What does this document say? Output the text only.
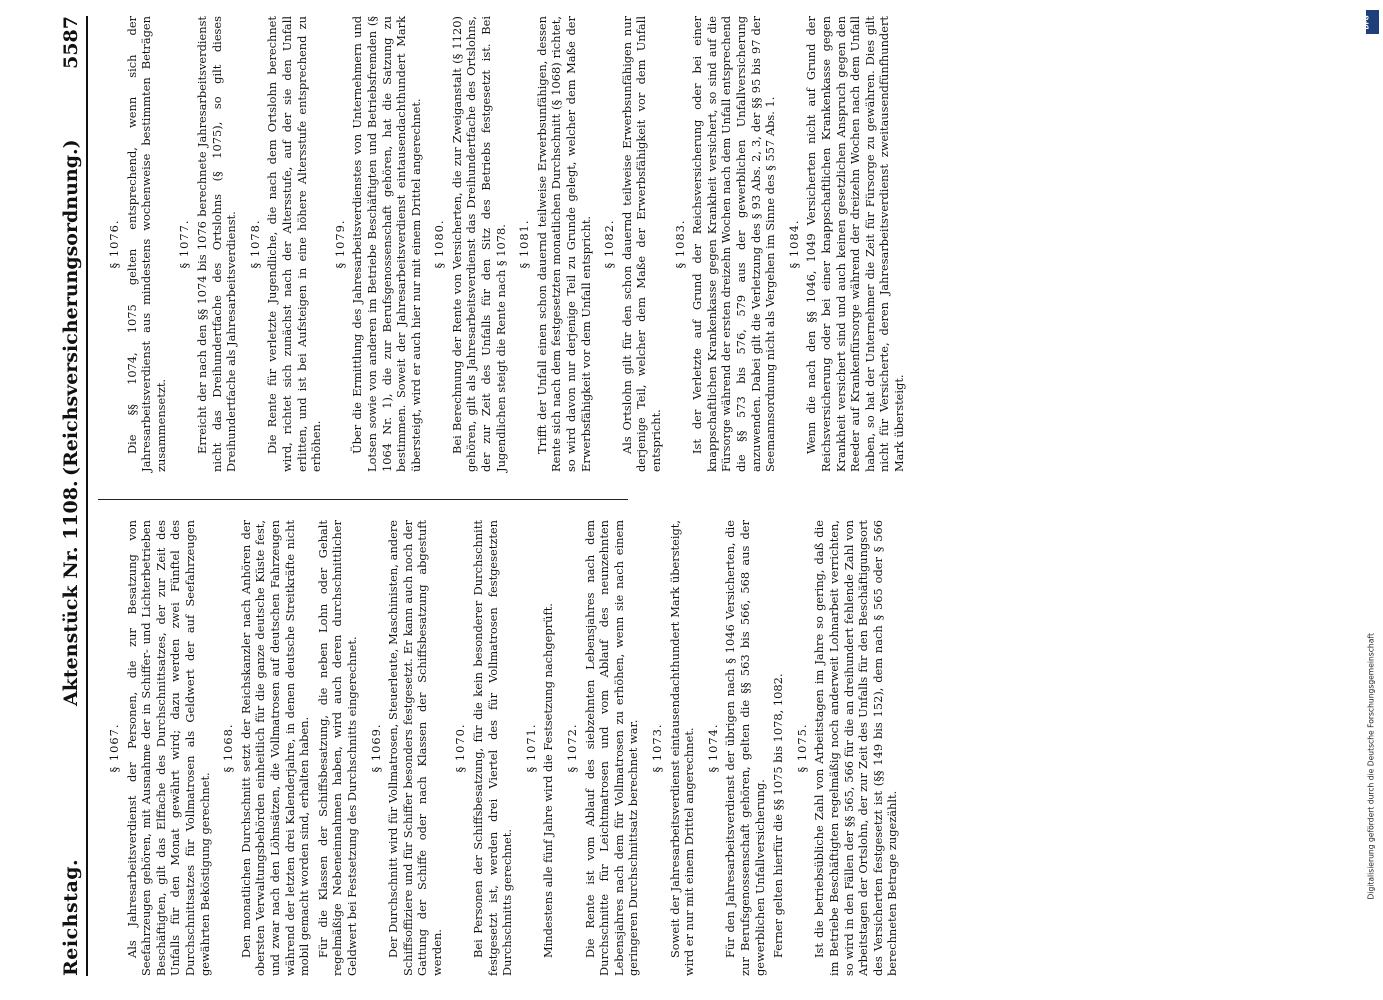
Reichstag.
Aktenstück Nr. 1108.
(Reichsversicherungsordnung.)
5587
§ 1067. Als Jahresarbeitsverdienst der Personen, die zur Besatzung von Seefahrzeugen gehören, mit Ausnahme der in Schiffer- und Lichterbetrieben Beschäftigten, gilt das Elffache des Durchschnittsatzes, der zur Zeit des Unfalls für den Monat gewährt wird; dazu werden zwei Fünftel des Durchschnittsatzes für Vollmatrosen als Geldwert der auf Seefahrzeugen gewährten Beköstigung gerechnet.
§ 1068. Den monatlichen Durchschnitt setzt der Reichskanzler nach Anhören der obersten Verwaltungsbehörden einheitlich für die ganze deutsche Küste fest, und zwar nach den Löhnsätzen, die Vollmatrosen auf deutschen Fahrzeugen während der letzten drei Kalenderjahre, in denen deutsche Streitkräfte nicht mobil gemacht worden sind, erhalten haben. Für die Klassen der Schiffsbesatzung, die neben Lohn oder Gehalt regelmäßige Nebeneinnahmen haben, wird auch deren durchschnittlicher Geldwert bei Festsetzung des Durchschnitts eingerechnet. § 1069. Der Durchschnitt wird für Vollmatrosen, Steuerleute, Maschinisten, andere Schiffsoffiziere und für Schiffer besonders festgesetzt. Er kann auch noch der Gattung der Schiffe oder nach Klassen der Schiffsbesatzung abgestuft werden.
§ 1070. Bei Personen der Schiffsbesatzung, für die kein besonderer Durchschnitt festgesetzt ist, werden drei Viertel des für Vollmatrosen festgesetzten Durchschnitts gerechnet.
§ 1071. Mindestens alle fünf Jahre wird die Festsetzung nachgeprüft. § 1072. Die Rente ist vom Ablauf des siebzehnten Lebensjahres nach dem Durchschnitte für Leichtmatrosen und vom Ablauf des neunzehnten Lebensjahres nach dem für Vollmatrosen zu erhöhen, wenn sie nach einem geringeren Durchschnittsatz berechnet war. § 1073. Soweit der Jahresarbeitsverdienst eintausendachthundert Mark übersteigt, wird er nur mit einem Drittel angerechnet. § 1074. Für den Jahresarbeitsverdienst der übrigen nach § 1046 Versicherten, die zur Berufsgenossenschaft gehören, gelten die §§ 563 bis 566, 568 aus der gewerblichen Unfallversicherung. Ferner gelten hierfür die §§ 1075 bis 1078, 1082. § 1075. Ist die betriebsübliche Zahl von Arbeitstagen im Jahre so gering, daß die im Betriebe Beschäftigten regelmäßig noch anderweit Lohnarbeit verrichten, so wird in den Fällen der §§ 565, 566 für die an dreihundert fehlende Zahl von Arbeitstagen der Ortslohn, der zur Zeit des Unfalls für den Beschäftigungsort des Versicherten festgesetzt ist (§§ 149 bis 152), dem nach § 565 oder § 566 berechneten Betrage zugezählt.
§ 1076. Die §§ 1074, 1075 gelten entsprechend, wenn sich der Jahresarbeitsverdienst aus mindestens wochenweise bestimmten Beträgen zusammensetzt.
§ 1077. Erreicht der nach den §§ 1074 bis 1076 berechnete Jahresarbeitsverdienst nicht das Dreihundertfache des Ortslohns (§ 1075), so gilt dieses Dreihundertfache als Jahresarbeitsverdienst. § 1078. Die Rente für verletzte Jugendliche, die nach dem Ortslohn berechnet wird, richtet sich zunächst nach der Altersstufe, auf der sie den Unfall erlitten, und ist bei Aufsteigen in eine höhere Altersstufe entsprechend zu erhöhen.
§ 1079. Über die Ermittlung des Jahresarbeitsverdienstes von Unternehmern und Lotsen sowie von anderen im Betriebe Beschäftigten und Betriebsfremden (§ 1064 Nr. 1), die zur Berufsgenossenschaft gehören, hat die Satzung zu bestimmen. Soweit der Jahresarbeitsverdienst eintausendachthundert Mark übersteigt, wird er auch hier nur mit einem Drittel angerechnet. § 1080. Bei Berechnung der Rente von Versicherten, die zur Zweiganstalt (§ 1120) gehören, gilt als Jahresarbeitsverdienst das Dreihundertfache des Ortslohns, der zur Zeit des Unfalls für den Sitz des Betriebs festgesetzt ist. Bei Jugendlichen steigt die Rente nach § 1078. § 1081. Trifft der Unfall einen schon dauernd teilweise Erwerbsunfähigen, dessen Rente sich nach dem festgesetzten monatlichen Durchschnitt (§ 1068) richtet, so wird davon nur derjenige Teil zu Grunde gelegt, welcher dem Maße der Erwerbsfähigkeit vor dem Unfall entspricht. § 1082. Als Ortslohn gilt für den schon dauernd teilweise Erwerbsunfähigen nur derjenige Teil, welcher dem Maße der Erwerbsfähigkeit vor dem Unfall entspricht.
§ 1083. Ist der Verletzte auf Grund der Reichsversicherung oder bei einer knappschaftlichen Krankenkasse gegen Krankheit versichert, so sind auf die Fürsorge während der ersten dreizehn Wochen nach dem Unfall entsprechend die §§ 573 bis 576, 579 aus der gewerblichen Unfallversicherung anzuwenden. Dabei gilt die Verletzung des § 93 Abs. 2, 3, der §§ 95 bis 97 der Seemannsordnung nicht als Vergehen im Sinne des § 557 Abs. 1. § 1084. Wenn die nach den §§ 1046, 1049 Versicherten nicht auf Grund der Reichsversicherung oder bei einer knappschaftlichen Krankenkasse gegen Krankheit versichert sind und auch keinen gesetzlichen Anspruch gegen den Reeder auf Krankenfürsorge während der dreizehn Wochen nach dem Unfall haben, so hat der Unternehmer die Zeit für Fürsorge zu gewähren. Dies gilt nicht für Versicherte, deren Jahresarbeitsverdienst zweitausendfünfhundert Mark übersteigt.
DFG
Digitalisierung gefördert durch die Deutsche Forschungsgemeinschaft
